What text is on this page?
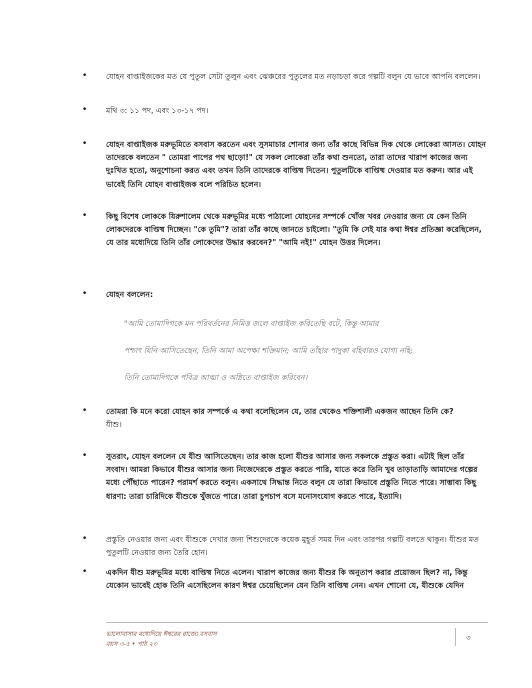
• যোহন বাপ্তাইজকের মত যে পুতুল সেটা তুলুন এবং ঝেঞ্চরের পুতুলের মত নড়াচড়া করে গল্পটি বলুন যে ভাবে আপনি বললেন।

• মথি ৩: ১১ পদ, এবং ১৩-১৭ পদ।

• যোহন বাপ্তাইজক মরুভূমিতে বসবাস করতেন এবং সুসমাচার শোনার জন্য তাঁর কাছে বিভিন্ন দিক থেকে লোকেরা আসত। যোহন তাদেরকে বলতেন " তোমরা পাপের পথ ছাড়ো!" যে সকল লোকেরা তাঁর কথা শুনতো, তারা তাদের খারাপ কাজের জন্য দুঃখিত হতো, অনুশোচনা করত এবং তখন তিনি তাদেরকে বাপ্তিষ্ম দিতেন। পুতুলটিকে বাপ্তিষ্ম দেওয়ার মত করুন। আর এই ভাবেই তিনি যোহন বাপ্তাইজক বলে পরিচিত হলেন।

• কিছু বিশেষ লোককে যিরুশালেম থেকে মরুভূমির মধ্যে পাঠালো যোহনের সম্পর্কে খোঁজ খবর নেওয়ার জন্য যে কেন তিনি লোকদেরকে বাপ্তিষ্ম দিচ্ছেন। "কে তুমি"? তারা তাঁর কাছে জানতে চাইলো। "তুমি কি সেই যার কথা ঈশ্বর প্রতিজ্ঞা করেছিলেন, যে তার মধ্যেদিয়ে তিনি তাঁর লোকেদের উদ্ধার করবেন?" "আমি নই!" যোহন উত্তর দিলেন।

• যোহন বললেন:

"আমি তোমাদিগকে মন পরিবর্তনের নিমিত্ত জলে বাপ্তাইজ করিতেছি বটে, কিন্তু আমার

পশ্চাৎ যিনি আসিতেছেন, তিনি আমা অপেক্ষা শক্তিমান; আমি তাঁহার পাদুকা বহিবারও যোগ্য নহি;

তিনি তোমাদিগকে পবিত্র আত্মা ও অগ্নিতে বাপ্তাইজ করিবেন।

• তোমরা কি মনে করো যোহন কার সম্পর্কে এ কথা বলেছিলেন যে, তার থেকেও শক্তিশালী একজন আছেন তিনি কে?

যীশু।

• সুতরাং, যোহন বললেন যে যীশু আসিতেছেন। তার কাজ হলো যীশুর আসার জন্য সকলকে প্রস্তুত করা। এটাই ছিল তাঁর সংবাদ। আমরা কিভাবে যীশুর আসার জন্য নিজেদেরকে প্রস্তুত করতে পারি, যাতে করে তিনি খুব তাড়াতাড়ি আমাদের গল্পের মধ্যে পৌঁছাতে পারেন? পরামর্শ করতে বলুন। একসাথে সিদ্ধান্ত নিতে বলুন যে তারা কিভাবে প্রস্তুতি নিতে পারে। সাম্ভাব্য কিছু ধারণা: তারা চারিদিকে যীশুকে খুঁজতে পারে। তারা চুপচাপ বসে মনোসংযোগ করতে পারে, ইত্যাদি।

• প্রস্তুতি নেওয়ার জন্য এবং যীশুকে দেখার জন্য শিশুদেরকে কয়েক মুহূর্ত সময় দিন এবং তারপর গল্পটি বলতে থাকুন। যীশুর মত পুতুলটি নেওয়ার জন্য তৈরি হোন।

• একদিন যীশু মরুভূমির মধ্যে বাপ্তিষ্ম নিতে এলেন। খারাপ কাজের জন্য যীশুর কি অনুতাপ করার প্রয়োজন ছিল? না, কিন্তু যেকোন ভাবেই হোক তিনি এসেছিলেন কারণ ঈশ্বর চেয়েছিলেন যেন তিনি বাপ্তিষ্ম নেন। এখন শোনো যে, যীশুকে যেদিন

ভালোবাসার মধ্যেদিয়ে ঈশ্বরের রাজ্যে বসবাস
বয়স ৩-৫ • পাঠ ২৩
৩
